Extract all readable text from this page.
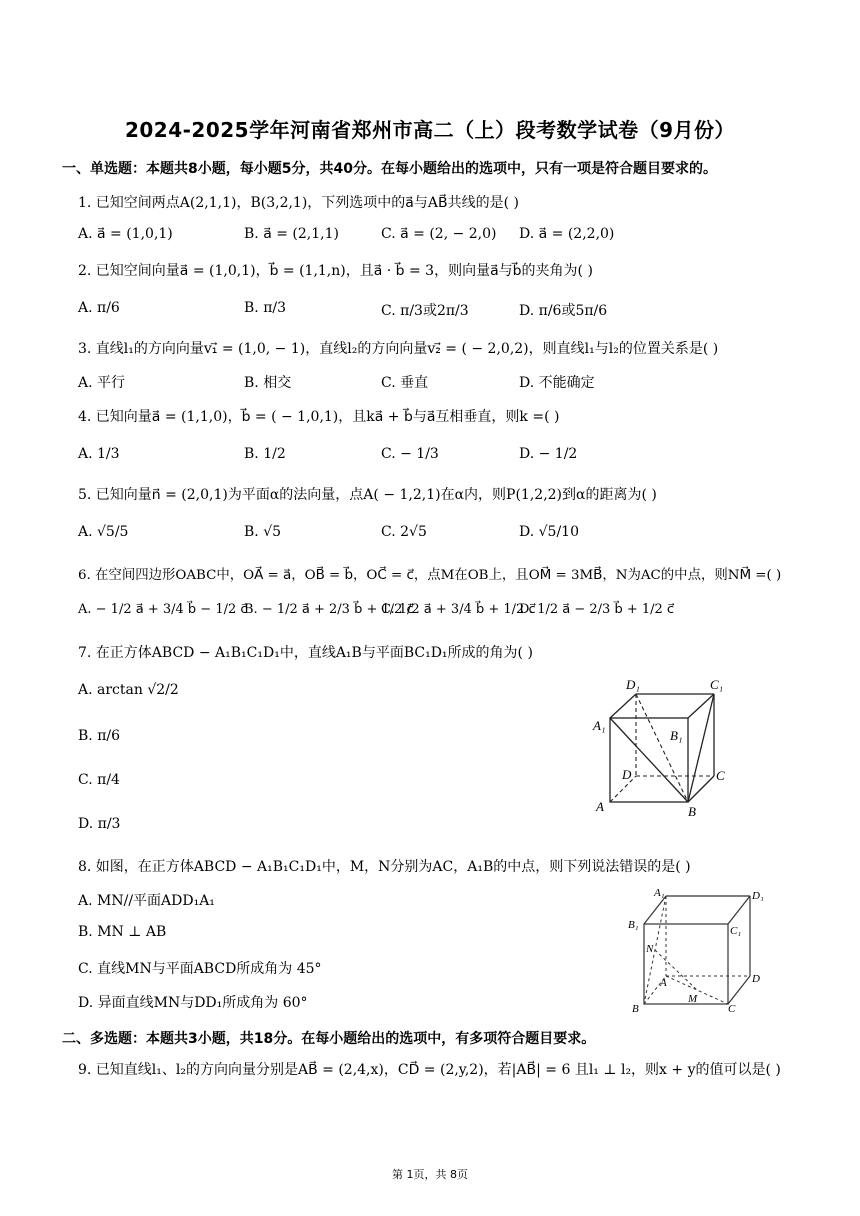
2024-2025学年河南省郑州市高二（上）段考数学试卷（9月份）
一、单选题：本题共8小题，每小题5分，共40分。在每小题给出的选项中，只有一项是符合题目要求的。
1. 已知空间两点A(2,1,1)，B(3,2,1)，下列选项中的a⃗与AB⃗共线的是( )
A. a⃗ = (1,0,1)	B. a⃗ = (2,1,1)	C. a⃗ = (2, − 2,0) D. a⃗ = (2,2,0)
2. 已知空间向量a⃗ = (1,0,1)，b⃗ = (1,1,n)，且a⃗ · b⃗ = 3，则向量a⃗与b⃗的夹角为( )
A. π/6	B. π/3	C. π/3或2π/3	D. π/6或5π/6
3. 直线l₁的方向向量v₁⃗ = (1,0, − 1)，直线l₂的方向向量v₂⃗ = ( − 2,0,2)，则直线l₁与l₂的位置关系是( )
A. 平行	B. 相交	C. 垂直	D. 不能确定
4. 已知向量a⃗ = (1,1,0)，b⃗ = ( − 1,0,1)，且ka⃗ + b⃗与a⃗互相垂直，则k =( )
A. 1/3	B. 1/2	C. − 1/3	D. − 1/2
5. 已知向量n⃗ = (2,0,1)为平面α的法向量，点A( − 1,2,1)在α内，则P(1,2,2)到α的距离为( )
A. √5/5	B. √5	C. 2√5	D. √5/10
6. 在空间四边形OABC中，OA⃗ = a⃗，OB⃗ = b⃗，OC⃗ = c⃗，点M在OB上，且OM⃗ = 3MB⃗，N为AC的中点，则NM⃗ =( )
A. − 1/2 a⃗ + 3/4 b⃗ − 1/2 c⃗
B. − 1/2 a⃗ + 2/3 b⃗ + 1/2 c⃗
C. 1/2 a⃗ + 3/4 b⃗ + 1/2 c⃗
D. 1/2 a⃗ − 2/3 b⃗ + 1/2 c⃗
7. 在正方体ABCD − A₁B₁C₁D₁中，直线A₁B与平面BC₁D₁所成的角为( )
A. arctan √2/2
B. π/6
C. π/4
D. π/3
D₁	C₁
A₁
B₁
D	C
A	B
8. 如图，在正方体ABCD − A₁B₁C₁D₁中，M，N分别为AC，A₁B的中点，则下列说法错误的是( )
A. MN//平面ADD₁A₁
B. MN ⊥ AB
C. 直线MN与平面ABCD所成角为 45°
D. 异面直线MN与DD₁所成角为 60°
A₁	D₁
B₁	C₁
N
A	D
B
M
C
二、多选题：本题共3小题，共18分。在每小题给出的选项中，有多项符合题目要求。
9. 已知直线l₁、l₂的方向向量分别是AB⃗ = (2,4,x)，CD⃗ = (2,y,2)，若|AB⃗| = 6 且l₁ ⊥ l₂，则x + y的值可以是( )
第 1页，共 8页
